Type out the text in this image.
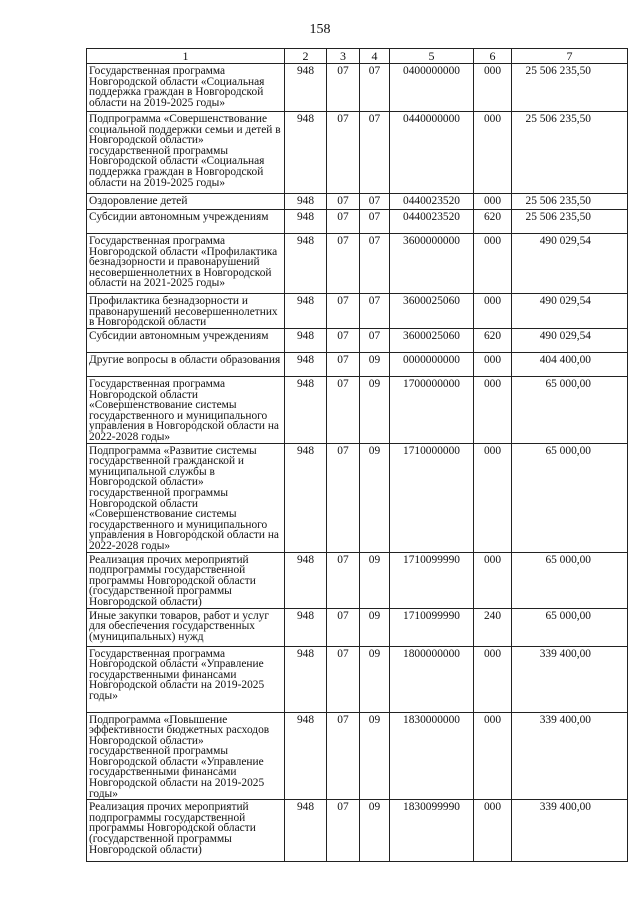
158
1	2	3	4	5	6	7
Государственная программа Новгородской области «Социальная поддержка граждан в Новгородской области на 2019-2025 годы»	948	07	07	0400000000	000	25 506 235,50
Подпрограмма «Совершенствование социальной поддержки семьи и детей в Новгородской области» государственной программы Новгородской области «Социальная поддержка граждан в Новгородской области на 2019-2025 годы»	948	07	07	0440000000	000	25 506 235,50
Оздоровление детей	948	07	07	0440023520	000	25 506 235,50
Субсидии автономным учреждениям	948	07	07	0440023520	620	25 506 235,50
Государственная программа Новгородской области «Профилактика безнадзорности и правонарушений несовершеннолетних в Новгородской области на 2021-2025 годы»	948	07	07	3600000000	000	490 029,54
Профилактика безнадзорности и правонарушений несовершеннолетних в Новгородской области	948	07	07	3600025060	000	490 029,54
Субсидии автономным учреждениям	948	07	07	3600025060	620	490 029,54
Другие вопросы в области образования	948	07	09	0000000000	000	404 400,00
Государственная программа Новгородской области «Совершенствование системы государственного и муниципального управления в Новгородской области на 2022-2028 годы»	948	07	09	1700000000	000	65 000,00
Подпрограмма «Развитие системы государственной гражданской и муниципальной службы в Новгородской области» государственной программы Новгородской области «Совершенствование системы государственного и муниципального управления в Новгородской области на 2022-2028 годы»	948	07	09	1710000000	000	65 000,00
Реализация прочих мероприятий подпрограммы государственной программы Новгородской области (государственной программы Новгородской области)	948	07	09	1710099990	000	65 000,00
Иные закупки товаров, работ и услуг для обеспечения государственных (муниципальных) нужд	948	07	09	1710099990	240	65 000,00
Государственная программа Новгородской области «Управление государственными финансами Новгородской области на 2019-2025 годы»	948	07	09	1800000000	000	339 400,00
Подпрограмма «Повышение эффективности бюджетных расходов Новгородской области» государственной программы Новгородской области «Управление государственными финансами Новгородской области на 2019-2025 годы»	948	07	09	1830000000	000	339 400,00
Реализация прочих мероприятий подпрограммы государственной программы Новгородской области (государственной программы Новгородской области)	948	07	09	1830099990	000	339 400,00
